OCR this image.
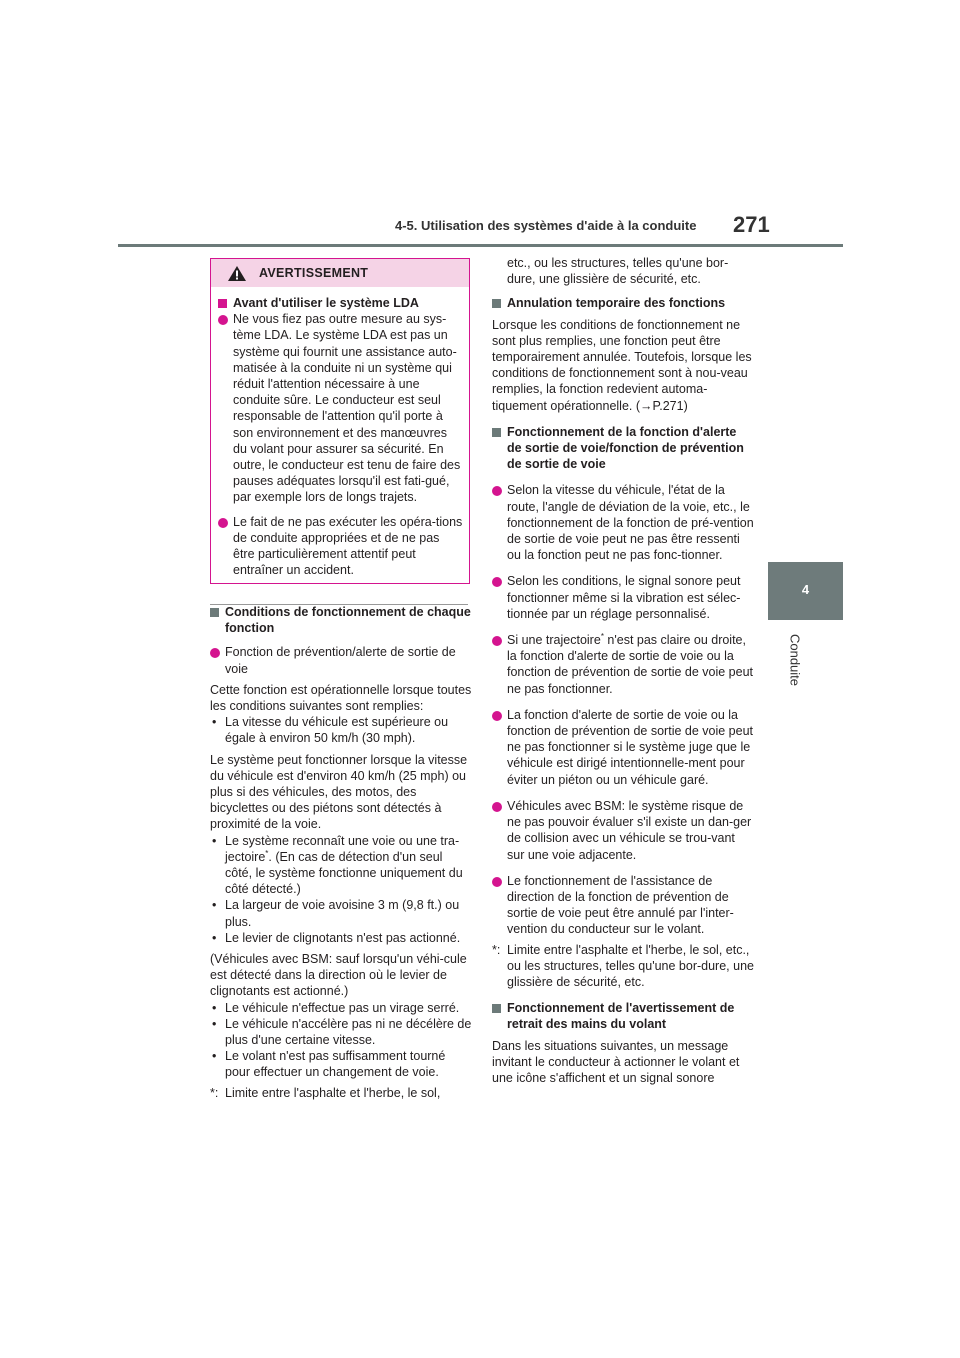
4-5. Utilisation des systèmes d'aide à la conduite 271
4
Conduite
AVERTISSEMENT

Avant d'utiliser le système LDA

Ne vous fiez pas outre mesure au sys-tème LDA. Le système LDA est pas un système qui fournit une assistance auto-matisée à la conduite ni un système qui réduit l'attention nécessaire à une conduite sûre. Le conducteur est seul responsable de l'attention qu'il porte à son environnement et des manœuvres du volant pour assurer sa sécurité. En outre, le conducteur est tenu de faire des pauses adéquates lorsqu'il est fati-gué, par exemple lors de longs trajets.

Le fait de ne pas exécuter les opéra-tions de conduite appropriées et de ne pas être particulièrement attentif peut entraîner un accident.

Conditions de fonctionnement de chaque fonction

Fonction de prévention/alerte de sortie de voie

Cette fonction est opérationnelle lorsque toutes les conditions suivantes sont remplies:

• La vitesse du véhicule est supérieure ou égale à environ 50 km/h (30 mph).

Le système peut fonctionner lorsque la vitesse du véhicule est d'environ 40 km/h (25 mph) ou plus si des véhicules, des motos, des bicyclettes ou des piétons sont détectés à proximité de la voie.

• Le système reconnaît une voie ou une tra-jectoire*. (En cas de détection d'un seul côté, le système fonctionne uniquement du côté détecté.)

• La largeur de voie avoisine 3 m (9,8 ft.) ou plus.

• Le levier de clignotants n'est pas actionné.

(Véhicules avec BSM: sauf lorsqu'un véhi-cule est détecté dans la direction où le levier de clignotants est actionné.)

• Le véhicule n'effectue pas un virage serré.

• Le véhicule n'accélère pas ni ne décélère de plus d'une certaine vitesse.

• Le volant n'est pas suffisamment tourné pour effectuer un changement de voie.

*: Limite entre l'asphalte et l'herbe, le sol,

etc., ou les structures, telles qu'une bor-dure, une glissière de sécurité, etc.

Annulation temporaire des fonctions

Lorsque les conditions de fonctionnement ne sont plus remplies, une fonction peut être temporairement annulée. Toutefois, lorsque les conditions de fonctionnement sont à nou-veau remplies, la fonction redevient automa-tiquement opérationnelle. (→P.271)

Fonctionnement de la fonction d'alerte de sortie de voie/fonction de prévention de sortie de voie

Selon la vitesse du véhicule, l'état de la route, l'angle de déviation de la voie, etc., le fonctionnement de la fonction de pré-vention de sortie de voie peut ne pas être ressenti ou la fonction peut ne pas fonc-tionner.

Selon les conditions, le signal sonore peut fonctionner même si la vibration est sélec-tionnée par un réglage personnalisé.

Si une trajectoire* n'est pas claire ou droite, la fonction d'alerte de sortie de voie ou la fonction de prévention de sortie de voie peut ne pas fonctionner.

La fonction d'alerte de sortie de voie ou la fonction de prévention de sortie de voie peut ne pas fonctionner si le système juge que le véhicule est dirigé intentionnelle-ment pour éviter un piéton ou un véhicule garé.

Véhicules avec BSM: le système risque de ne pas pouvoir évaluer s'il existe un dan-ger de collision avec un véhicule se trou-vant sur une voie adjacente.

Le fonctionnement de l'assistance de direction de la fonction de prévention de sortie de voie peut être annulé par l'inter-vention du conducteur sur le volant.

*: Limite entre l'asphalte et l'herbe, le sol, etc., ou les structures, telles qu'une bor-dure, une glissière de sécurité, etc.

Fonctionnement de l'avertissement de retrait des mains du volant

Dans les situations suivantes, un message invitant le conducteur à actionner le volant et une icône s'affichent et un signal sonore
